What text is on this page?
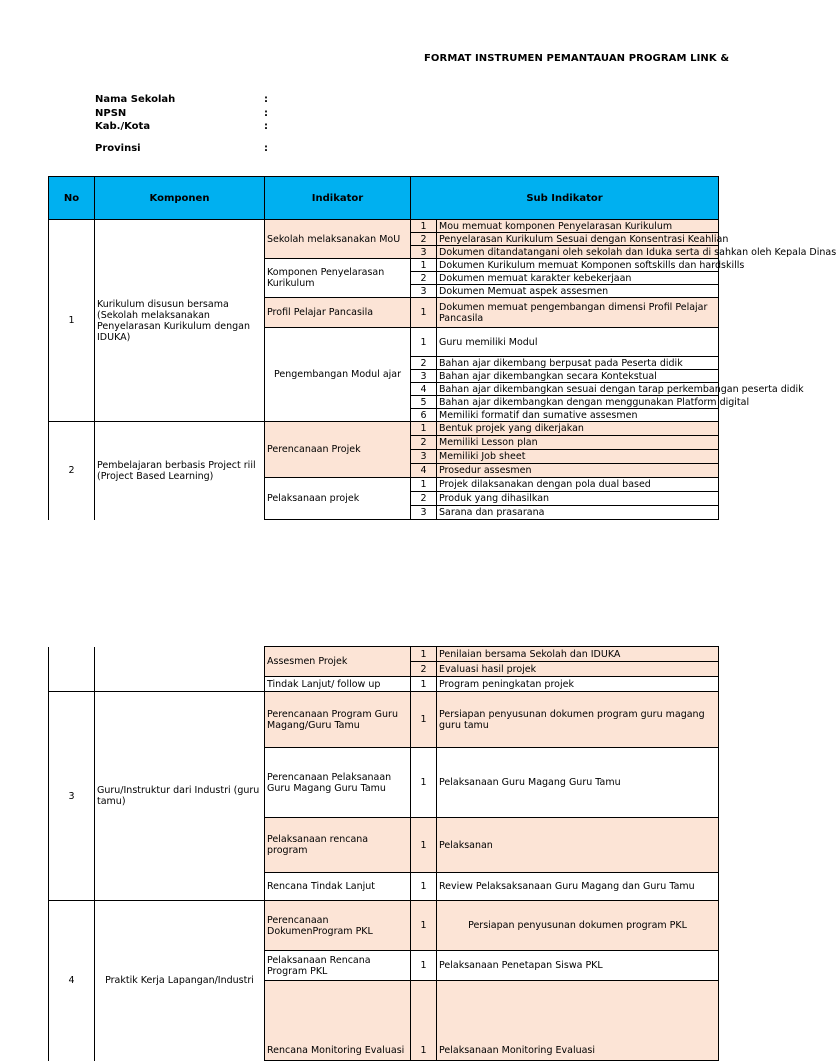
FORMAT INSTRUMEN PEMANTAUAN PROGRAM LINK &
Nama Sekolah	:
NPSN	:
Kab./Kota	:
Provinsi	:
No	Komponen	Indikator	Sub Indikator	
1	Kurikulum disusun bersama (Sekolah melaksanakan Penyelarasan Kurikulum dengan IDUKA)	Sekolah melaksanakan MoU	1	Mou memuat komponen Penyelarasan Kurikulum
			2	Penyelarasan Kurikulum Sesuai dengan Konsentrasi Keahlian
			3	Dokumen ditandatangani oleh sekolah dan Iduka serta di sahkan oleh Kepala Dinas
		Komponen Penyelarasan Kurikulum	1	Dokumen Kurikulum memuat Komponen softskills dan hardskills
			2	Dokumen memuat karakter kebekerjaan
			3	Dokumen Memuat aspek assesmen
		Profil Pelajar Pancasila	1	Dokumen memuat pengembangan dimensi Profil Pelajar Pancasila
		Pengembangan Modul ajar	1	Guru memiliki Modul
			2	Bahan ajar dikembang berpusat pada Peserta didik
			3	Bahan ajar dikembangkan secara Kontekstual
			4	Bahan ajar dikembangkan sesuai dengan tarap perkembangan peserta didik
			5	Bahan ajar dikembangkan dengan menggunakan Platform digital
			6	Memiliki formatif dan sumative assesmen
2	Pembelajaran berbasis Project riil (Project Based Learning)	Perencanaan Projek	1	Bentuk projek yang dikerjakan
			2	Memiliki Lesson plan
			3	Memiliki Job sheet
			4	Prosedur assesmen
		Pelaksanaan projek	1	Projek dilaksanakan dengan pola dual based
			2	Produk yang dihasilkan
			3	Sarana dan prasarana
		Assesmen Projek	1	Penilaian bersama Sekolah dan IDUKA
			2	Evaluasi hasil projek
		Tindak Lanjut/ follow up	1	Program peningkatan projek
3	Guru/Instruktur dari Industri (guru tamu)	Perencanaan Program Guru Magang/Guru Tamu	1	Persiapan penyusunan dokumen program guru magang guru tamu
		Perencanaan Pelaksanaan Guru Magang Guru Tamu	1	Pelaksanaan Guru Magang Guru Tamu
		Pelaksanaan rencana program	1	Pelaksanan
		Rencana Tindak Lanjut	1	Review Pelaksaksanaan Guru Magang dan Guru Tamu
4	Praktik Kerja Lapangan/Industri	Perencanaan DokumenProgram PKL	1	Persiapan penyusunan dokumen program PKL
		Pelaksanaan Rencana Program PKL	1	Pelaksanaan Penetapan Siswa PKL
		Rencana Monitoring Evaluasi	1	Pelaksanaan Monitoring Evaluasi
